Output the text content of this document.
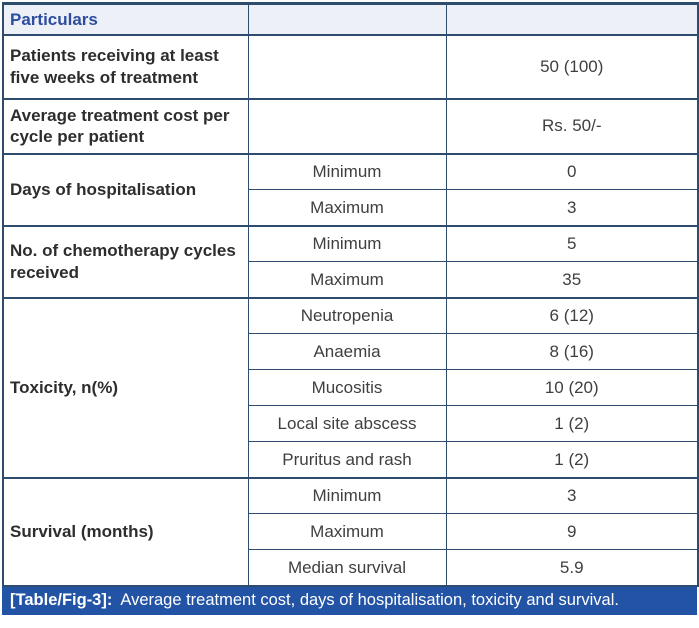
Particulars		
Patients receiving at least five weeks of treatment		50 (100)
Average treatment cost per cycle per patient		Rs. 50/-
Days of hospitalisation	Minimum	0
	Maximum	3
No. of chemotherapy cycles received	Minimum	5
	Maximum	35
Toxicity, n(%)	Neutropenia	6 (12)
	Anaemia	8 (16)
	Mucositis	10 (20)
	Local site abscess	1 (2)
	Pruritus and rash	1 (2)
Survival (months)	Minimum	3
	Maximum	9
	Median survival	5.9
[Table/Fig-3]: Average treatment cost, days of hospitalisation, toxicity and survival.
